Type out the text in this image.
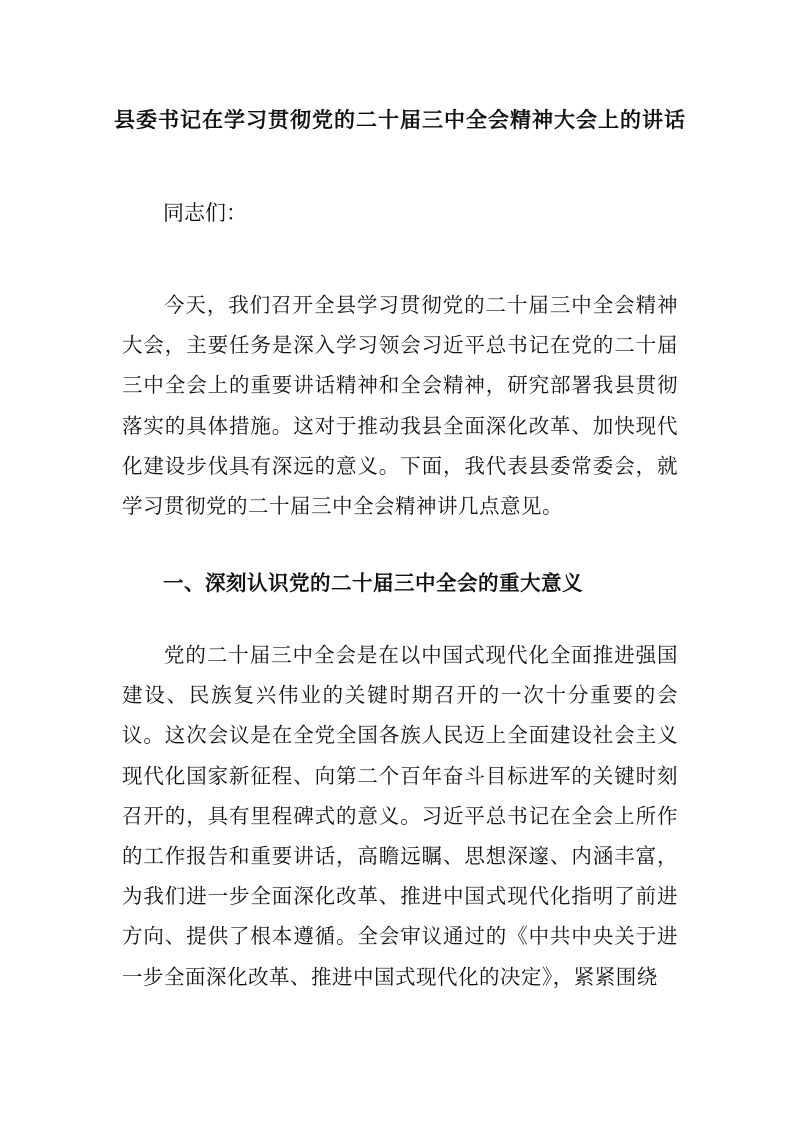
县委书记在学习贯彻党的二十届三中全会精神大会上的讲话

同志们：

今天，我们召开全县学习贯彻党的二十届三中全会精神大会，主要任务是深入学习领会习近平总书记在党的二十届三中全会上的重要讲话精神和全会精神，研究部署我县贯彻落实的具体措施。这对于推动我县全面深化改革、加快现代化建设步伐具有深远的意义。下面，我代表县委常委会，就学习贯彻党的二十届三中全会精神讲几点意见。

一、深刻认识党的二十届三中全会的重大意义

党的二十届三中全会是在以中国式现代化全面推进强国建设、民族复兴伟业的关键时期召开的一次十分重要的会议。这次会议是在全党全国各族人民迈上全面建设社会主义现代化国家新征程、向第二个百年奋斗目标进军的关键时刻召开的，具有里程碑式的意义。习近平总书记在全会上所作的工作报告和重要讲话，高瞻远瞩、思想深邃、内涵丰富，为我们进一步全面深化改革、推进中国式现代化指明了前进方向、提供了根本遵循。全会审议通过的《中共中央关于进一步全面深化改革、推进中国式现代化的决定》，紧紧围绕
